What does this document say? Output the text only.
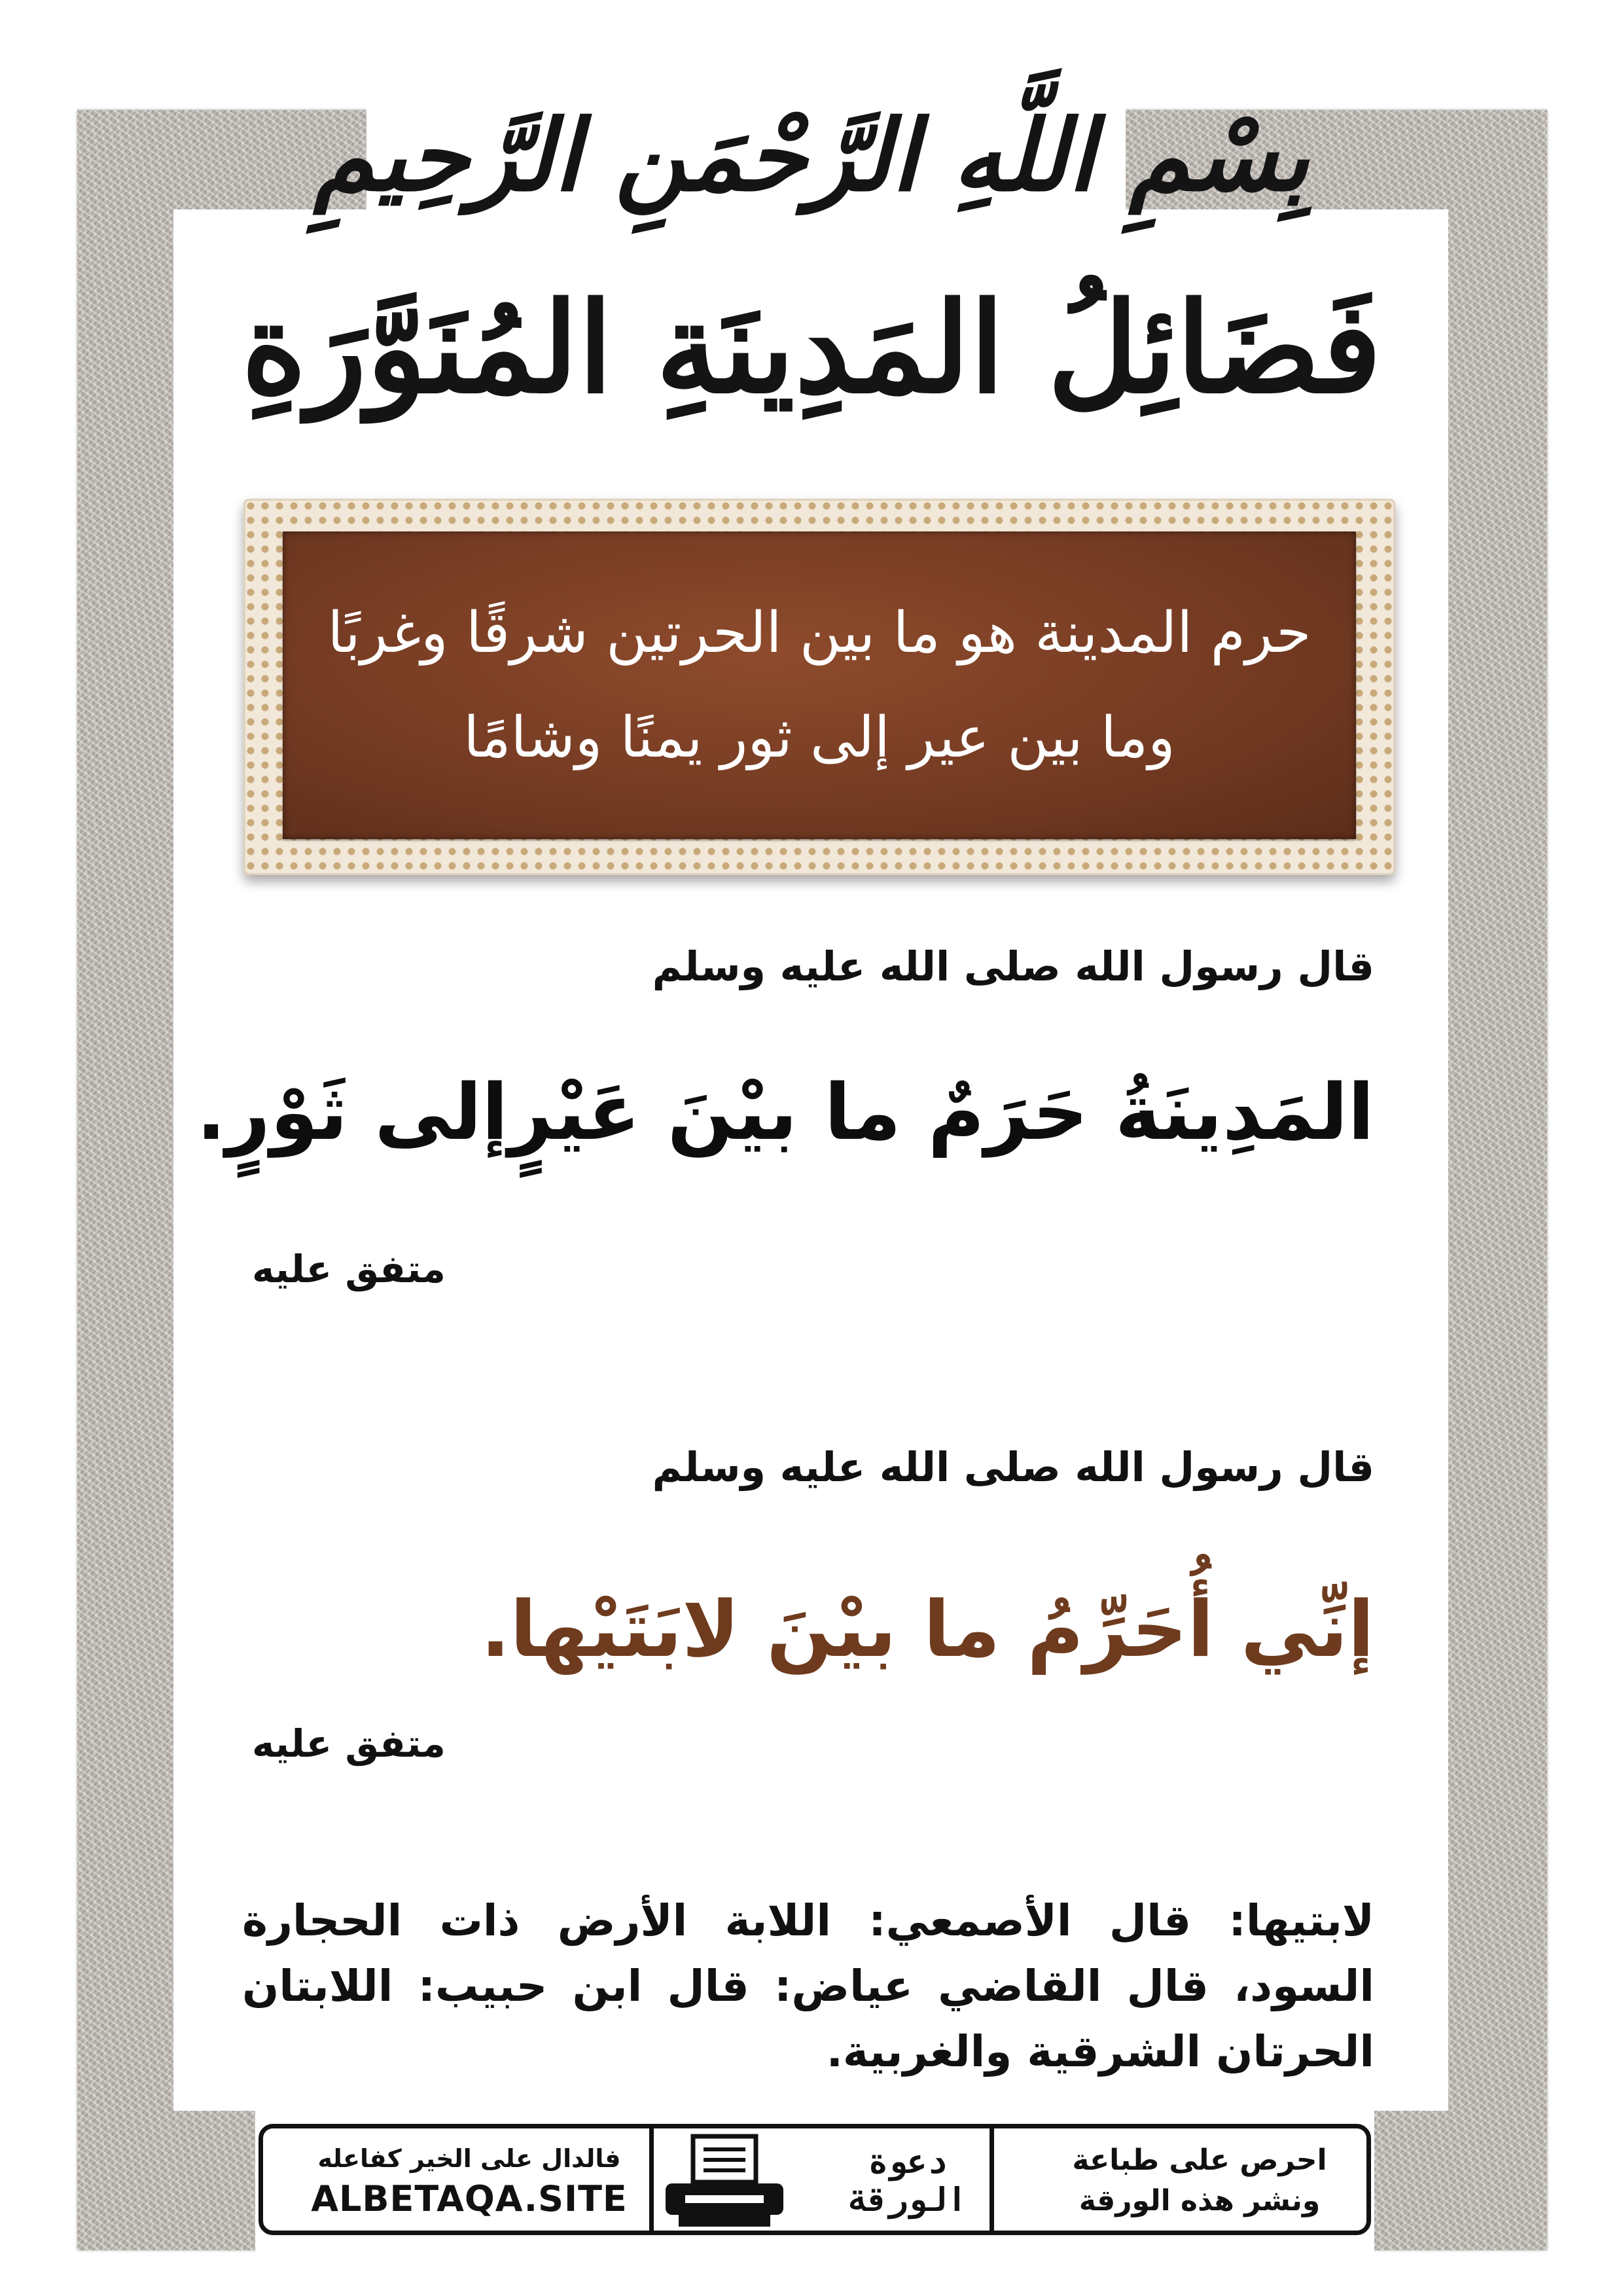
بِسْمِ اللَّهِ الرَّحْمَنِ الرَّحِيمِ
فَضَائِلُ المَدِينَةِ المُنَوَّرَةِ
حرم المدينة هو ما بين الحرتين شرقًا وغربًا
وما بين عير إلى ثور يمنًا وشامًا
قال رسول الله صلى الله عليه وسلم
المَدِينَةُ حَرَمٌ ما بيْنَ عَيْرٍإلى ثَوْرٍ.
متفق عليه
قال رسول الله صلى الله عليه وسلم
إنِّي أُحَرِّمُ ما بيْنَ لابَتَيْها.
متفق عليه
لابتيها: قال الأصمعي: اللابة الأرض ذات الحجارة السود، قال القاضي عياض: قال ابن حبيب: اللابتان الحرتان الشرقية والغربية.
احرص على طباعة
ونشر هذه الورقة
دعوة
الورقة
فالدال على الخير كفاعله
ALBETAQA.SITE
